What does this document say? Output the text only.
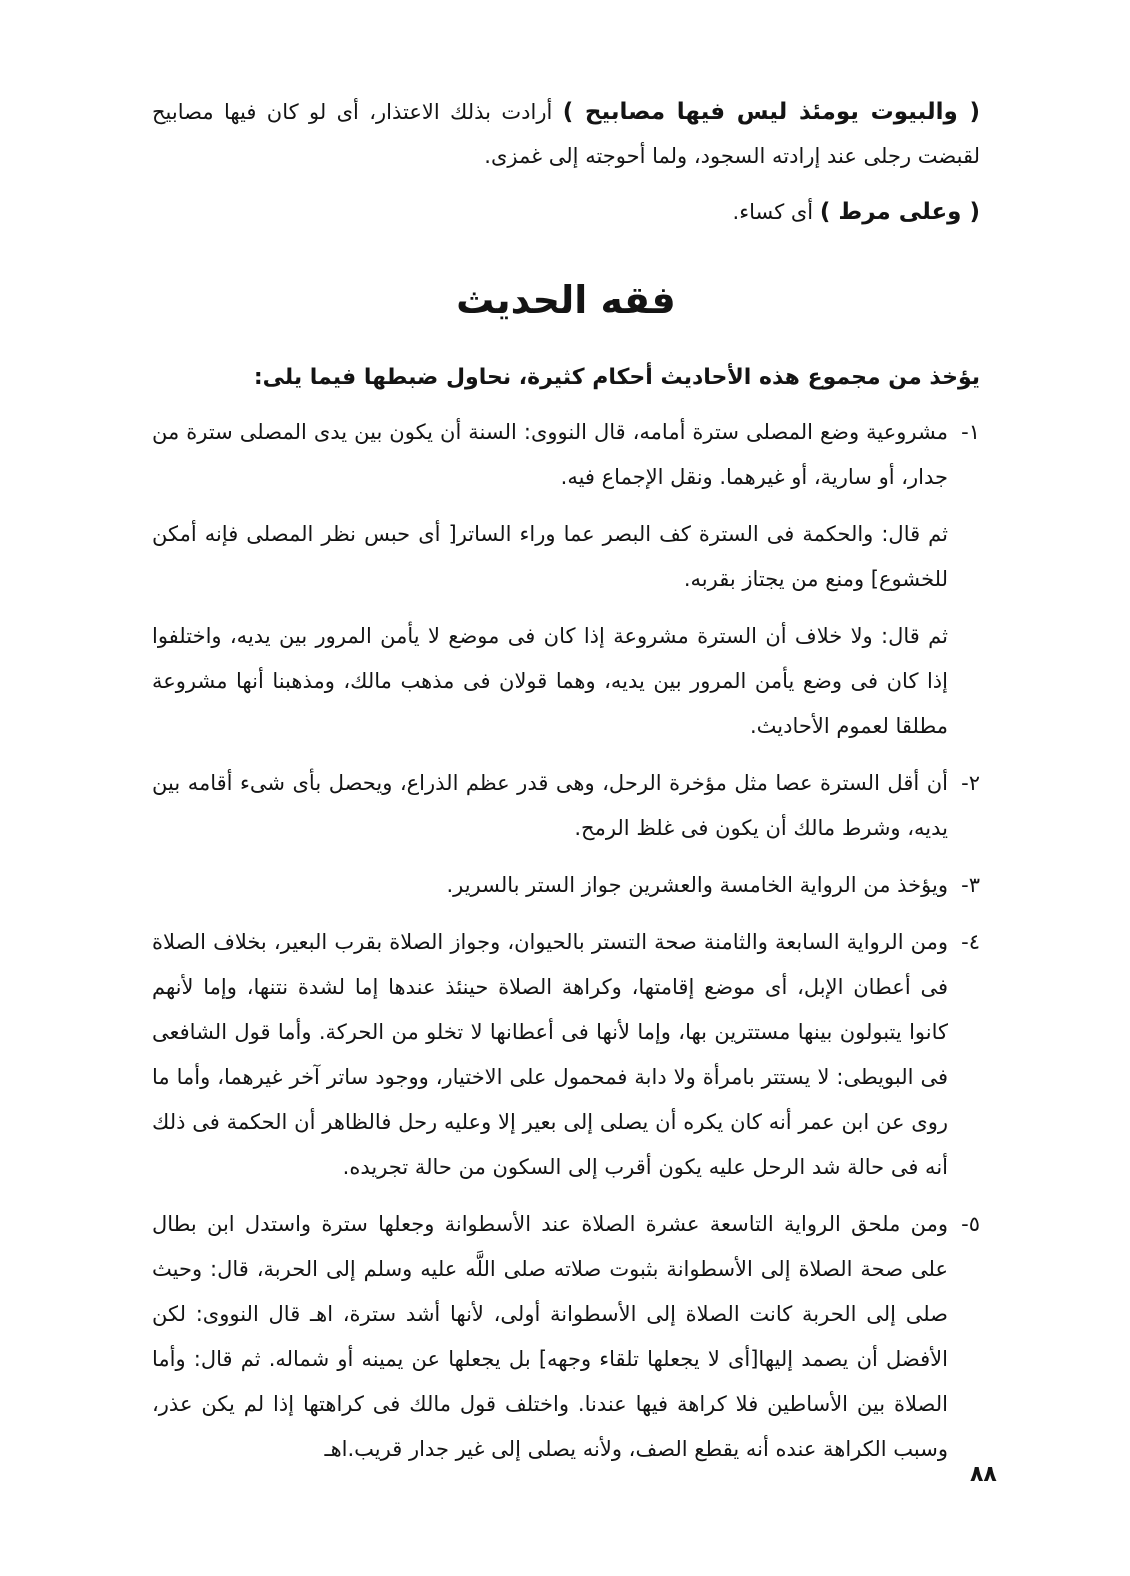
( والبيوت يومئذ ليس فيها مصابيح ) أرادت بذلك الاعتذار، أى لو كان فيها مصابيح لقبضت رجلى عند إرادته السجود، ولما أحوجته إلى غمزى.

( وعلى مرط ) أى كساء.

فقه الحديث

يؤخذ من مجموع هذه الأحاديث أحكام كثيرة، نحاول ضبطها فيما يلى:

١-
مشروعية وضع المصلى سترة أمامه، قال النووى: السنة أن يكون بين يدى المصلى سترة من جدار، أو سارية، أو غيرهما. ونقل الإجماع فيه.
ثم قال: والحكمة فى السترة كف البصر عما وراء الساتر[ أى حبس نظر المصلى فإنه أمكن للخشوع] ومنع من يجتاز بقربه.
ثم قال: ولا خلاف أن السترة مشروعة إذا كان فى موضع لا يأمن المرور بين يديه، واختلفوا إذا كان فى وضع يأمن المرور بين يديه، وهما قولان فى مذهب مالك، ومذهبنا أنها مشروعة مطلقا لعموم الأحاديث.
٢-
أن أقل السترة عصا مثل مؤخرة الرحل، وهى قدر عظم الذراع، ويحصل بأى شىء أقامه بين يديه، وشرط مالك أن يكون فى غلظ الرمح.
٣-
ويؤخذ من الرواية الخامسة والعشرين جواز الستر بالسرير.
٤-
ومن الرواية السابعة والثامنة صحة التستر بالحيوان، وجواز الصلاة بقرب البعير، بخلاف الصلاة فى أعطان الإبل، أى موضع إقامتها، وكراهة الصلاة حينئذ عندها إما لشدة نتنها، وإما لأنهم كانوا يتبولون بينها مستترين بها، وإما لأنها فى أعطانها لا تخلو من الحركة. وأما قول الشافعى فى البويطى: لا يستتر بامرأة ولا دابة فمحمول على الاختيار، ووجود ساتر آخر غيرهما، وأما ما روى عن ابن عمر أنه كان يكره أن يصلى إلى بعير إلا وعليه رحل فالظاهر أن الحكمة فى ذلك أنه فى حالة شد الرحل عليه يكون أقرب إلى السكون من حالة تجريده.
٥-
ومن ملحق الرواية التاسعة عشرة الصلاة عند الأسطوانة وجعلها سترة واستدل ابن بطال على صحة الصلاة إلى الأسطوانة بثبوت صلاته صلى اللَّه عليه وسلم إلى الحربة، قال: وحيث صلى إلى الحربة كانت الصلاة إلى الأسطوانة أولى، لأنها أشد سترة، اهـ قال النووى: لكن الأفضل أن يصمد إليها[أى لا يجعلها تلقاء وجهه] بل يجعلها عن يمينه أو شماله. ثم قال: وأما الصلاة بين الأساطين فلا كراهة فيها عندنا. واختلف قول مالك فى كراهتها إذا لم يكن عذر، وسبب الكراهة عنده أنه يقطع الصف، ولأنه يصلى إلى غير جدار قريب.اهـ
٨٨
